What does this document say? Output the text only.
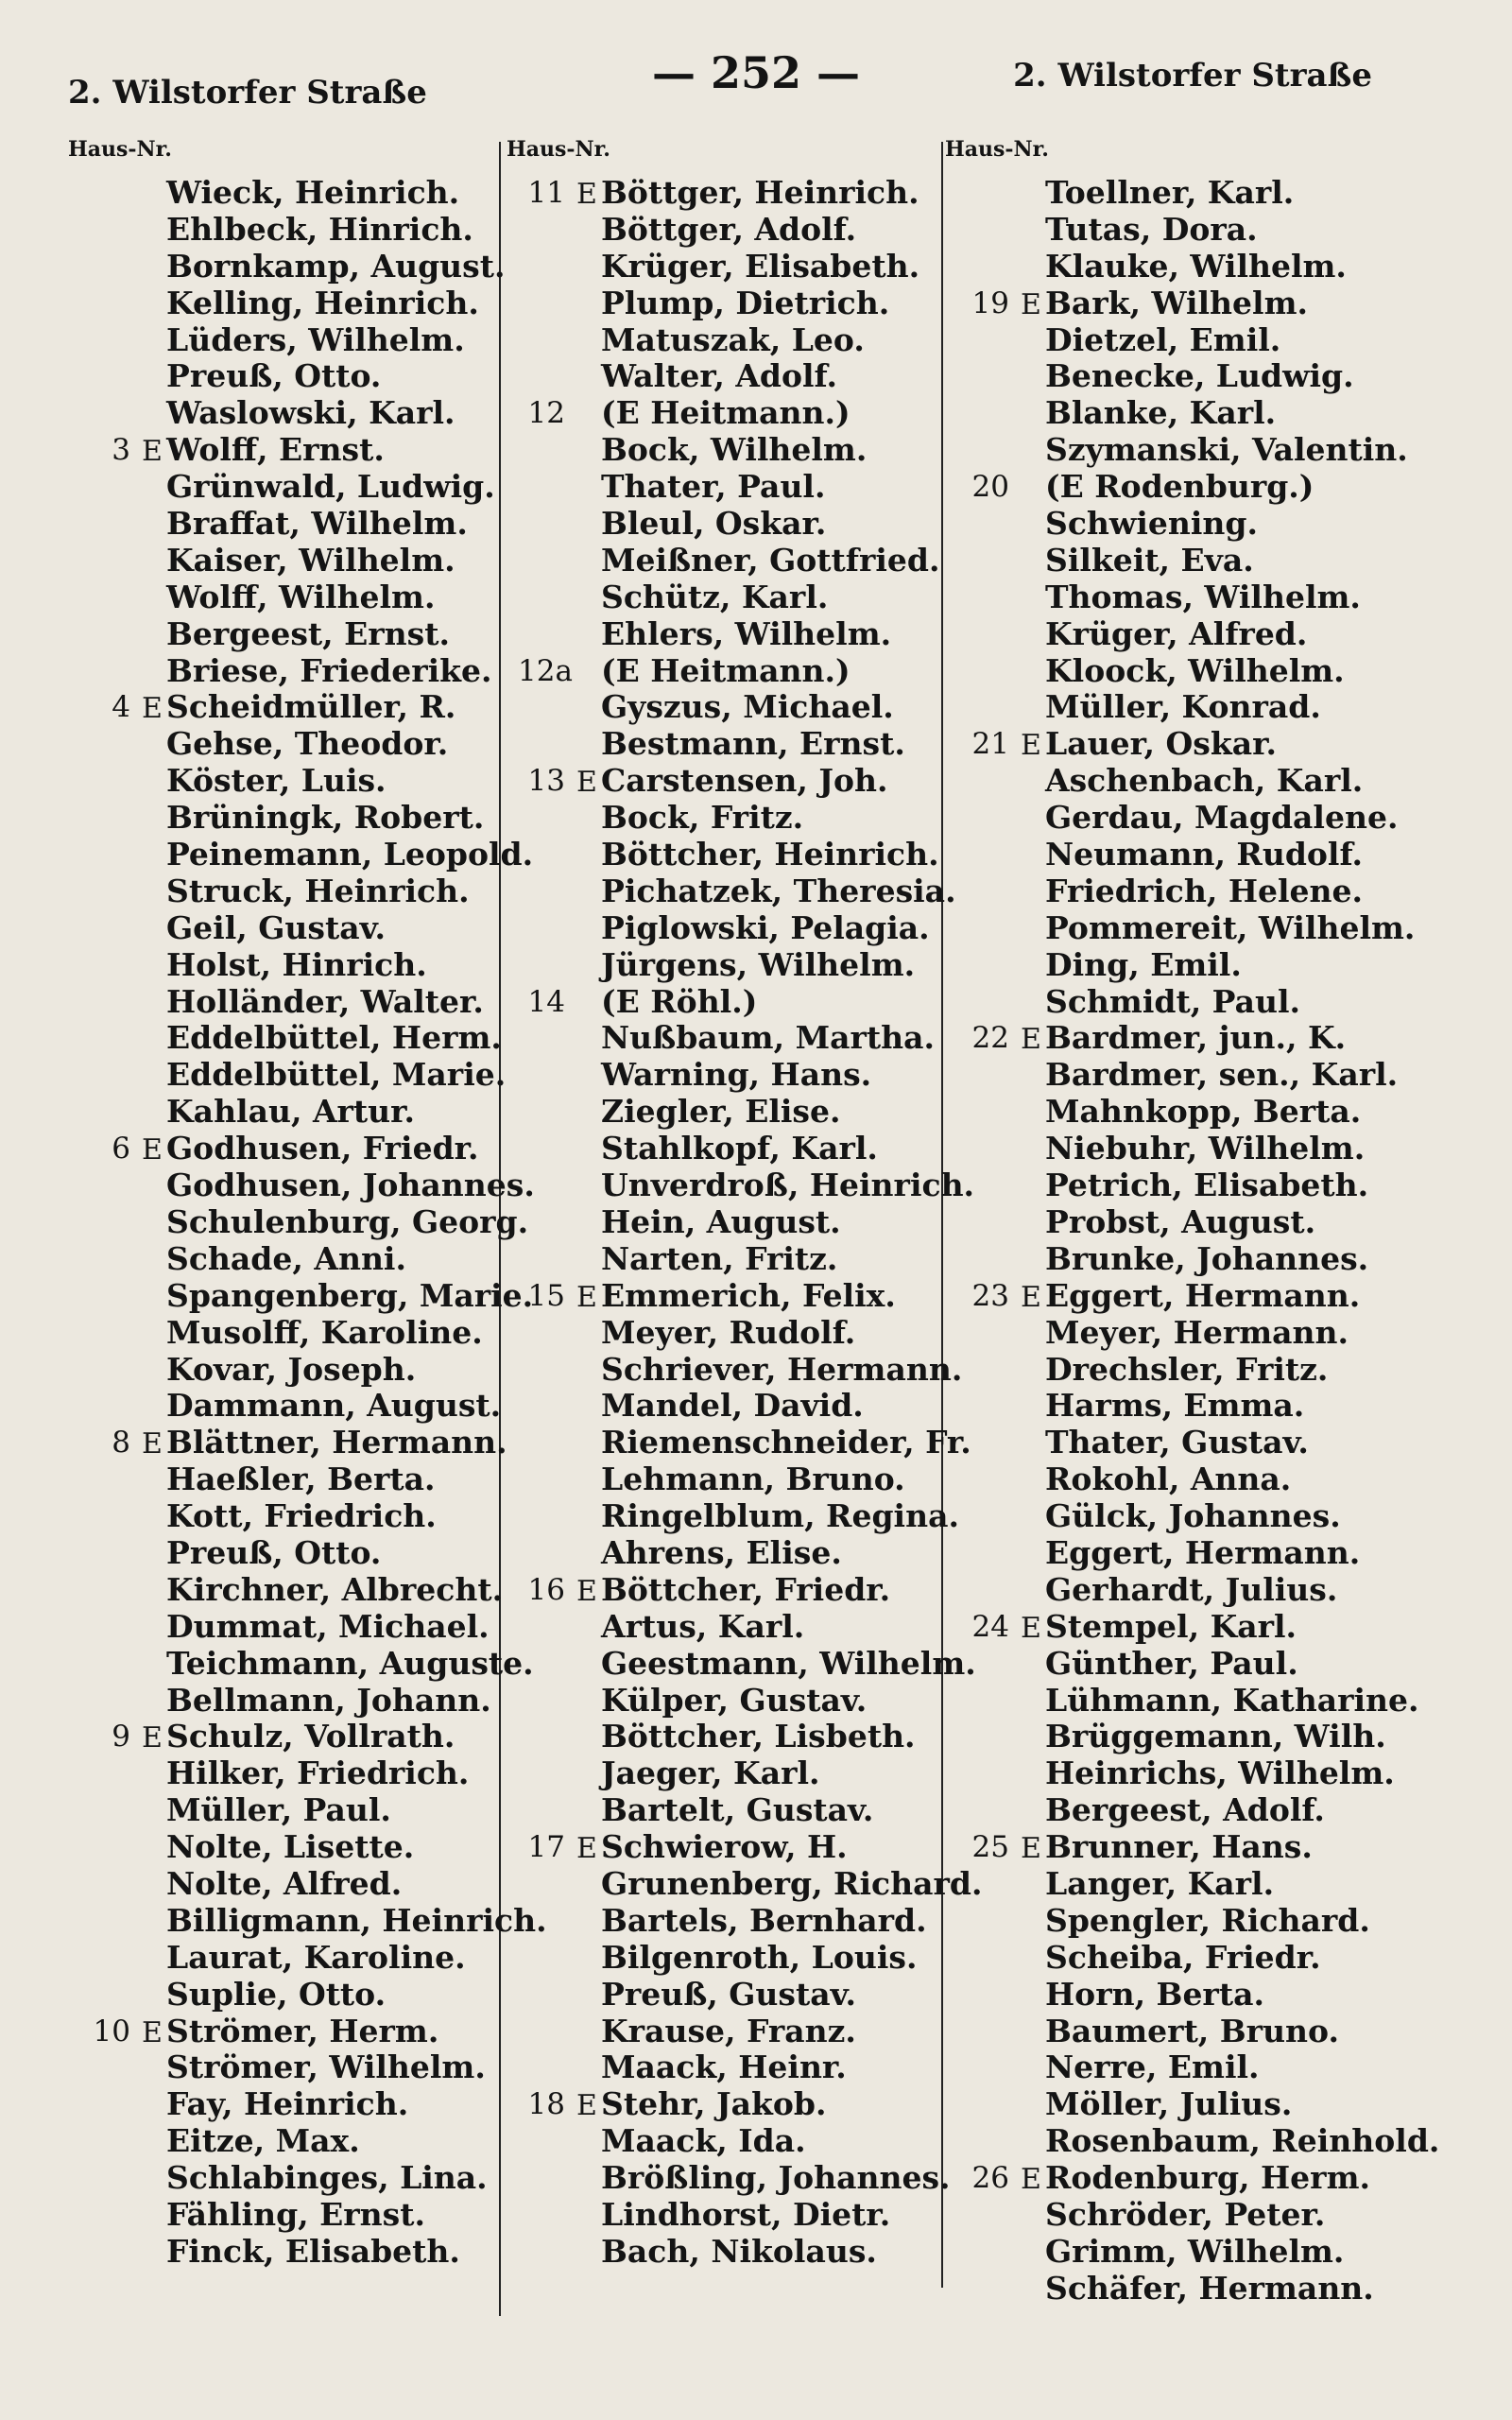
2. Wilstorfer Straße	— 252 —	2. Wilstorfer Straße
Haus-Nr.	Haus-Nr.	Haus-Nr.
Wieck, Heinrich.
Ehlbeck, Hinrich.
Bornkamp, August.
Kelling, Heinrich.
Lüders, Wilhelm.
Preuß, Otto.
Waslowski, Karl.
3 E Wolff, Ernst.
Grünwald, Ludwig.
Braffat, Wilhelm.
Kaiser, Wilhelm.
Wolff, Wilhelm.
Bergeest, Ernst.
Briese, Friederike.
4 E Scheidmüller, R.
Gehse, Theodor.
Köster, Luis.
Brüningk, Robert.
Peinemann, Leopold.
Struck, Heinrich.
Geil, Gustav.
Holst, Hinrich.
Holländer, Walter.
Eddelbüttel, Herm.
Eddelbüttel, Marie.
Kahlau, Artur.
6 E Godhusen, Friedr.
Godhusen, Johannes.
Schulenburg, Georg.
Schade, Anni.
Spangenberg, Marie.
Musolff, Karoline.
Kovar, Joseph.
Dammann, August.
8 E Blättner, Hermann.
Haeßler, Berta.
Kott, Friedrich.
Preuß, Otto.
Kirchner, Albrecht.
Dummat, Michael.
Teichmann, Auguste.
Bellmann, Johann.
9 E Schulz, Vollrath.
Hilker, Friedrich.
Müller, Paul.
Nolte, Lisette.
Nolte, Alfred.
Billigmann, Heinrich.
Laurat, Karoline.
Suplie, Otto.
10 E Strömer, Herm.
Strömer, Wilhelm.
Fay, Heinrich.
Eitze, Max.
Schlabinges, Lina.
Fähling, Ernst.
Finck, Elisabeth.
11 E Böttger, Heinrich.
Böttger, Adolf.
Krüger, Elisabeth.
Plump, Dietrich.
Matuszak, Leo.
Walter, Adolf.
12 (E Heitmann.)
Bock, Wilhelm.
Thater, Paul.
Bleul, Oskar.
Meißner, Gottfried.
Schütz, Karl.
Ehlers, Wilhelm.
12a (E Heitmann.)
Gyszus, Michael.
Bestmann, Ernst.
13 E Carstensen, Joh.
Bock, Fritz.
Böttcher, Heinrich.
Pichatzek, Theresia.
Piglowski, Pelagia.
Jürgens, Wilhelm.
14 (E Röhl.)
Nußbaum, Martha.
Warning, Hans.
Ziegler, Elise.
Stahlkopf, Karl.
Unverdroß, Heinrich.
Hein, August.
Narten, Fritz.
15 E Emmerich, Felix.
Meyer, Rudolf.
Schriever, Hermann.
Mandel, David.
Riemenschneider, Fr.
Lehmann, Bruno.
Ringelblum, Regina.
Ahrens, Elise.
16 E Böttcher, Friedr.
Artus, Karl.
Geestmann, Wilhelm.
Külper, Gustav.
Böttcher, Lisbeth.
Jaeger, Karl.
Bartelt, Gustav.
17 E Schwierow, H.
Grunenberg, Richard.
Bartels, Bernhard.
Bilgenroth, Louis.
Preuß, Gustav.
Krause, Franz.
Maack, Heinr.
18 E Stehr, Jakob.
Maack, Ida.
Brößling, Johannes.
Lindhorst, Dietr.
Bach, Nikolaus.
Toellner, Karl.
Tutas, Dora.
Klauke, Wilhelm.
19 E Bark, Wilhelm.
Dietzel, Emil.
Benecke, Ludwig.
Blanke, Karl.
Szymanski, Valentin.
20 (E Rodenburg.)
Schwiening.
Silkeit, Eva.
Thomas, Wilhelm.
Krüger, Alfred.
Kloock, Wilhelm.
Müller, Konrad.
21 E Lauer, Oskar.
Aschenbach, Karl.
Gerdau, Magdalene.
Neumann, Rudolf.
Friedrich, Helene.
Pommereit, Wilhelm.
Ding, Emil.
Schmidt, Paul.
22 E Bardmer, jun., K.
Bardmer, sen., Karl.
Mahnkopp, Berta.
Niebuhr, Wilhelm.
Petrich, Elisabeth.
Probst, August.
Brunke, Johannes.
23 E Eggert, Hermann.
Meyer, Hermann.
Drechsler, Fritz.
Harms, Emma.
Thater, Gustav.
Rokohl, Anna.
Gülck, Johannes.
Eggert, Hermann.
Gerhardt, Julius.
24 E Stempel, Karl.
Günther, Paul.
Lühmann, Katharine.
Brüggemann, Wilh.
Heinrichs, Wilhelm.
Bergeest, Adolf.
25 E Brunner, Hans.
Langer, Karl.
Spengler, Richard.
Scheiba, Friedr.
Horn, Berta.
Baumert, Bruno.
Nerre, Emil.
Möller, Julius.
Rosenbaum, Reinhold.
26 E Rodenburg, Herm.
Schröder, Peter.
Grimm, Wilhelm.
Schäfer, Hermann.
